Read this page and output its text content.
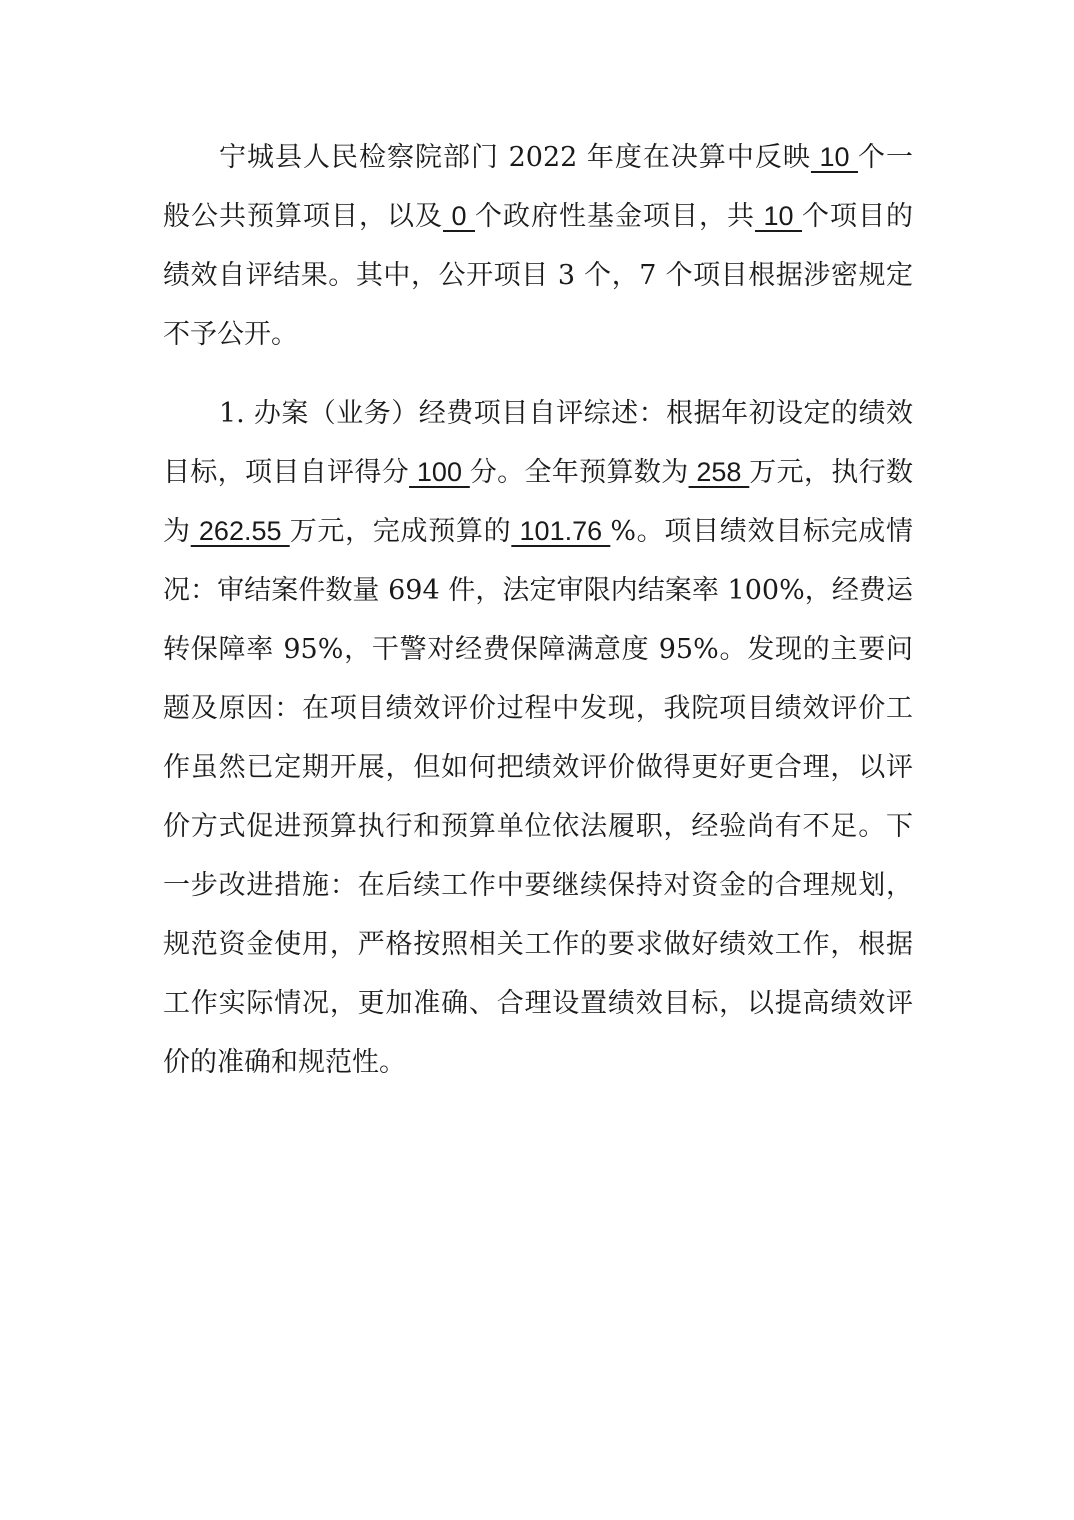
宁城县人民检察院部门 2022 年度在决算中反映 10 个一般公共预算项目，以及 0 个政府性基金项目，共 10 个项目的绩效自评结果。其中，公开项目 3 个，7 个项目根据涉密规定不予公开。

1. 办案（业务）经费项目自评综述：根据年初设定的绩效目标，项目自评得分 100 分。全年预算数为 258 万元，执行数为 262.55 万元，完成预算的 101.76 %。项目绩效目标完成情况：审结案件数量 694 件，法定审限内结案率 100%，经费运转保障率 95%，干警对经费保障满意度 95%。发现的主要问题及原因：在项目绩效评价过程中发现，我院项目绩效评价工作虽然已定期开展，但如何把绩效评价做得更好更合理，以评价方式促进预算执行和预算单位依法履职，经验尚有不足。下一步改进措施：在后续工作中要继续保持对资金的合理规划，规范资金使用，严格按照相关工作的要求做好绩效工作，根据工作实际情况，更加准确、合理设置绩效目标，以提高绩效评价的准确和规范性。
